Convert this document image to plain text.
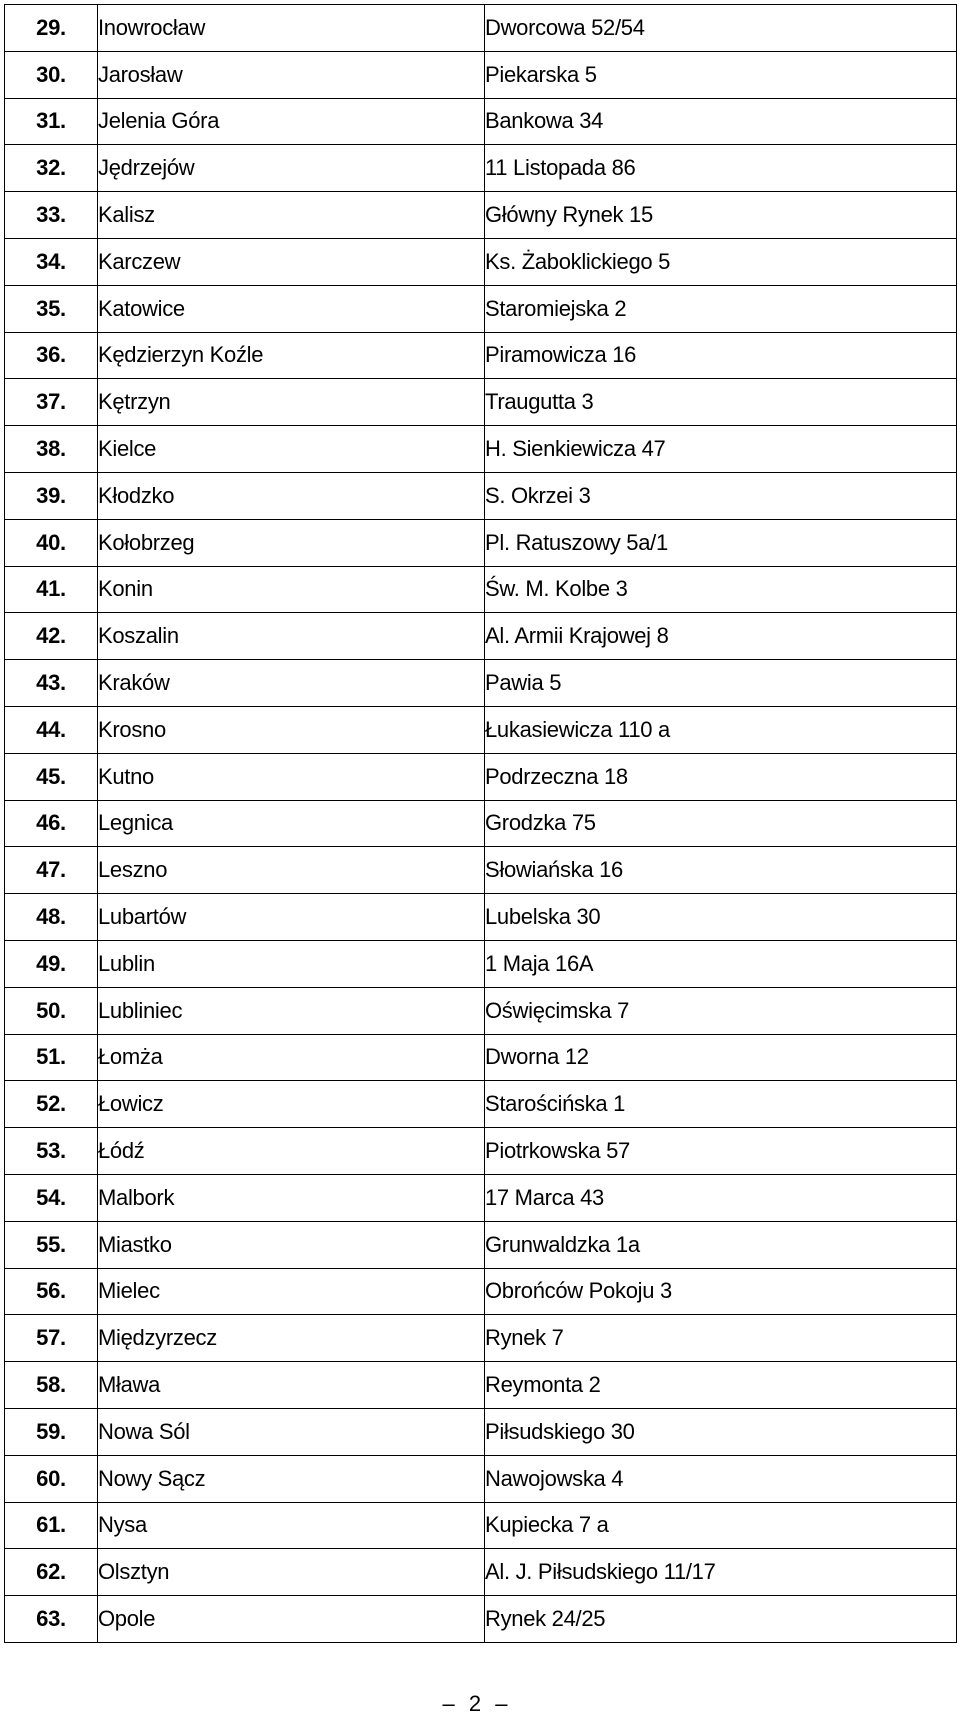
29.	Inowrocław	Dworcowa 52/54
30.	Jarosław	Piekarska 5
31.	Jelenia Góra	Bankowa 34
32.	Jędrzejów	11 Listopada 86
33.	Kalisz	Główny Rynek 15
34.	Karczew	Ks. Żaboklickiego 5
35.	Katowice	Staromiejska 2
36.	Kędzierzyn Koźle	Piramowicza 16
37.	Kętrzyn	Traugutta 3
38.	Kielce	H. Sienkiewicza 47
39.	Kłodzko	S. Okrzei 3
40.	Kołobrzeg	Pl. Ratuszowy 5a/1
41.	Konin	Św. M. Kolbe 3
42.	Koszalin	Al. Armii Krajowej 8
43.	Kraków	Pawia 5
44.	Krosno	Łukasiewicza 110 a
45.	Kutno	Podrzeczna 18
46.	Legnica	Grodzka 75
47.	Leszno	Słowiańska 16
48.	Lubartów	Lubelska 30
49.	Lublin	1 Maja 16A
50.	Lubliniec	Oświęcimska 7
51.	Łomża	Dworna 12
52.	Łowicz	Starościńska 1
53.	Łódź	Piotrkowska 57
54.	Malbork	17 Marca 43
55.	Miastko	Grunwaldzka 1a
56.	Mielec	Obrońców Pokoju 3
57.	Międzyrzecz	Rynek 7
58.	Mława	Reymonta 2
59.	Nowa Sól	Piłsudskiego 30
60.	Nowy Sącz	Nawojowska 4
61.	Nysa	Kupiecka 7 a
62.	Olsztyn	Al. J. Piłsudskiego 11/17
63.	Opole	Rynek 24/25
– 2 –
